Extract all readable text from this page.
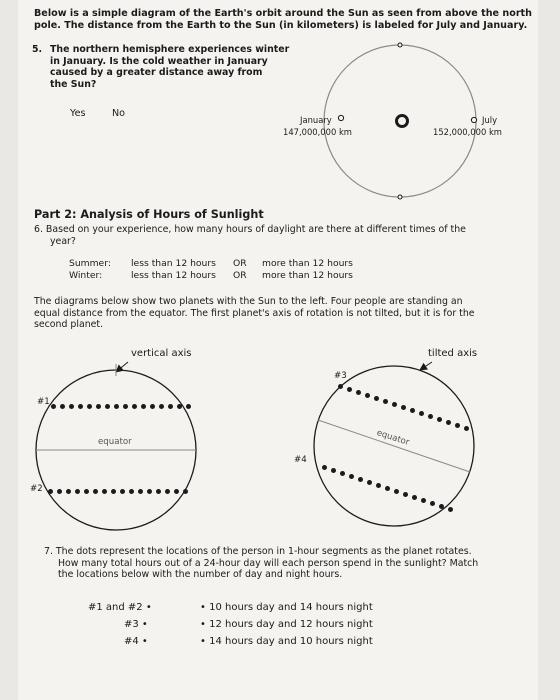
Below is a simple diagram of the Earth's orbit around the Sun as seen from above the north
pole. The distance from the Earth to the Sun (in kilometers) is labeled for July and January.
5. The northern hemisphere experiences winter
in January. Is the cold weather in January
caused by a greater distance away from
the Sun?
Yes	No
January
147,000,000 km
July
152,000,000 km
Part 2: Analysis of Hours of Sunlight
6. Based on your experience, how many hours of daylight are there at different times of the
year?
Summer: less than 12 hours OR more than 12 hours
Winter:	less than 12 hours OR more than 12 hours
The diagrams below show two planets with the Sun to the left. Four people are standing an
equal distance from the equator. The first planet's axis of rotation is not tilted, but it is for the
second planet.
vertical axis	tilted axis
equator	equator
#1
#2
#3
#4
7. The dots represent the locations of the person in 1-hour segments as the planet rotates.
How many total hours out of a 24-hour day will each person spend in the sunlight? Match
the locations below with the number of day and night hours.
#1 and #2 •
#3 •
#4 •
• 10 hours day and 14 hours night
• 12 hours day and 12 hours night
• 14 hours day and 10 hours night
